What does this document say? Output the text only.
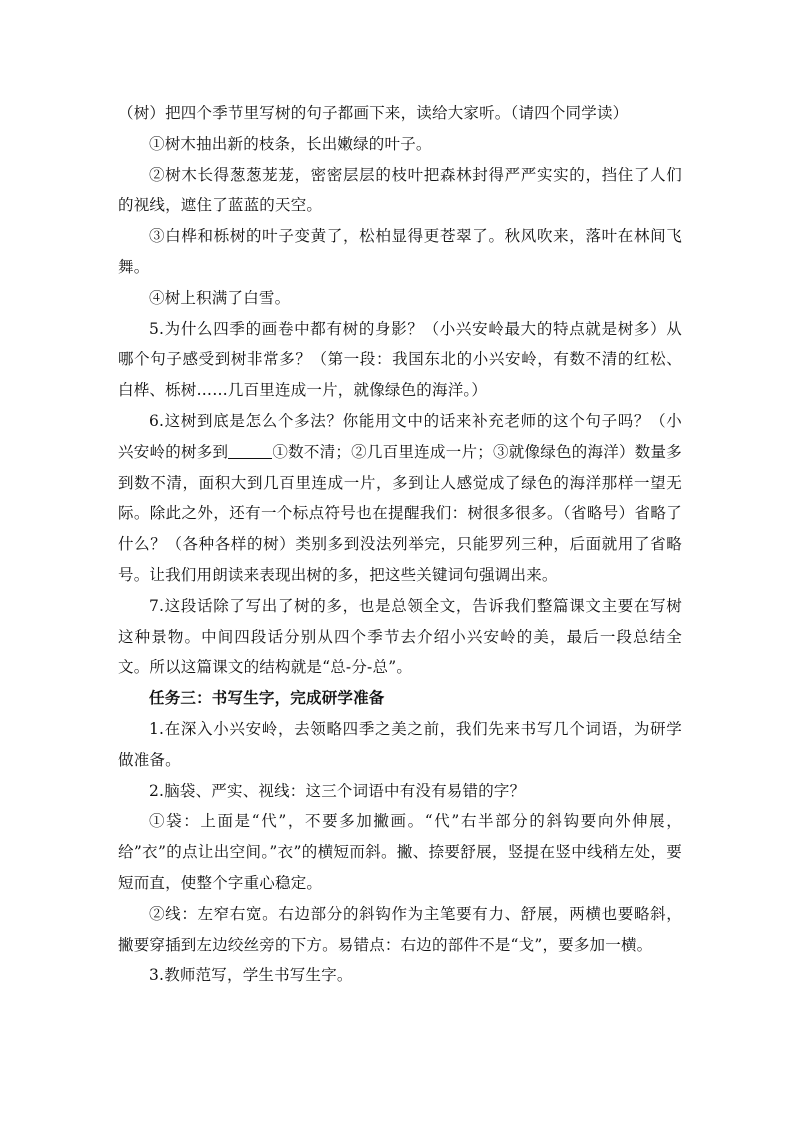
（树）把四个季节里写树的句子都画下来，读给大家听。（请四个同学读）

①树木抽出新的枝条，长出嫩绿的叶子。

②树木长得葱葱茏茏，密密层层的枝叶把森林封得严严实实的，挡住了人们的视线，遮住了蓝蓝的天空。

③白桦和栎树的叶子变黄了，松柏显得更苍翠了。秋风吹来，落叶在林间飞舞。

④树上积满了白雪。

5.为什么四季的画卷中都有树的身影？（小兴安岭最大的特点就是树多）从哪个句子感受到树非常多？（第一段：我国东北的小兴安岭，有数不清的红松、白桦、栎树……几百里连成一片，就像绿色的海洋。）

6.这树到底是怎么个多法？你能用文中的话来补充老师的这个句子吗？（小兴安岭的树多到	①数不清；②几百里连成一片；③就像绿色的海洋）数量多到数不清，面积大到几百里连成一片，多到让人感觉成了绿色的海洋那样一望无际。除此之外，还有一个标点符号也在提醒我们：树很多很多。（省略号）省略了什么？（各种各样的树）类别多到没法列举完，只能罗列三种，后面就用了省略号。让我们用朗读来表现出树的多，把这些关键词句强调出来。

7.这段话除了写出了树的多，也是总领全文，告诉我们整篇课文主要在写树这种景物。中间四段话分别从四个季节去介绍小兴安岭的美，最后一段总结全文。所以这篇课文的结构就是“总-分-总”。

任务三：书写生字，完成研学准备

1.在深入小兴安岭，去领略四季之美之前，我们先来书写几个词语，为研学做准备。

2.脑袋、严实、视线：这三个词语中有没有易错的字？

①袋：上面是“代”，不要多加撇画。“代”右半部分的斜钩要向外伸展，给”衣”的点让出空间。”衣”的横短而斜。撇、捺要舒展，竖提在竖中线稍左处，要短而直，使整个字重心稳定。

②线：左窄右宽。右边部分的斜钩作为主笔要有力、舒展，两横也要略斜，撇要穿插到左边绞丝旁的下方。易错点：右边的部件不是“戈”，要多加一横。

3.教师范写，学生书写生字。
